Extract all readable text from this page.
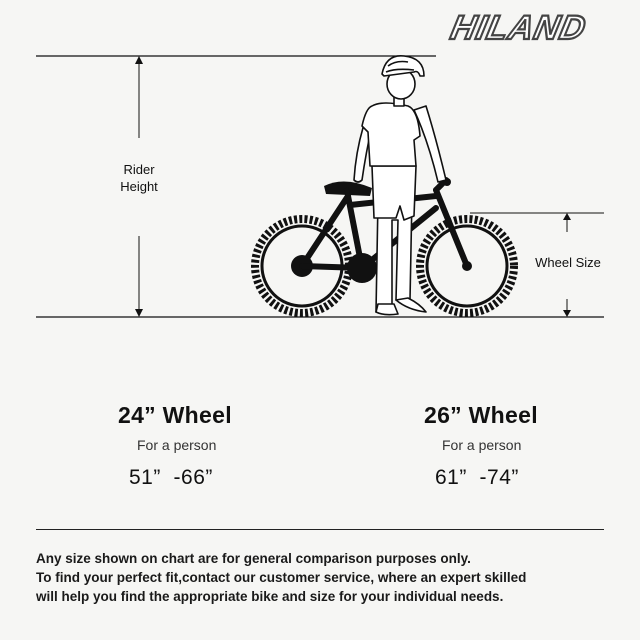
HILAND
Rider
Height
Wheel Size
24” Wheel
For a person
51”  -66”
26” Wheel
For a person
61”  -74”
Any size shown on chart are for general comparison purposes only.
To find your perfect fit,contact our customer service, where an expert skilled
will help you find the appropriate bike and size for your individual needs.
